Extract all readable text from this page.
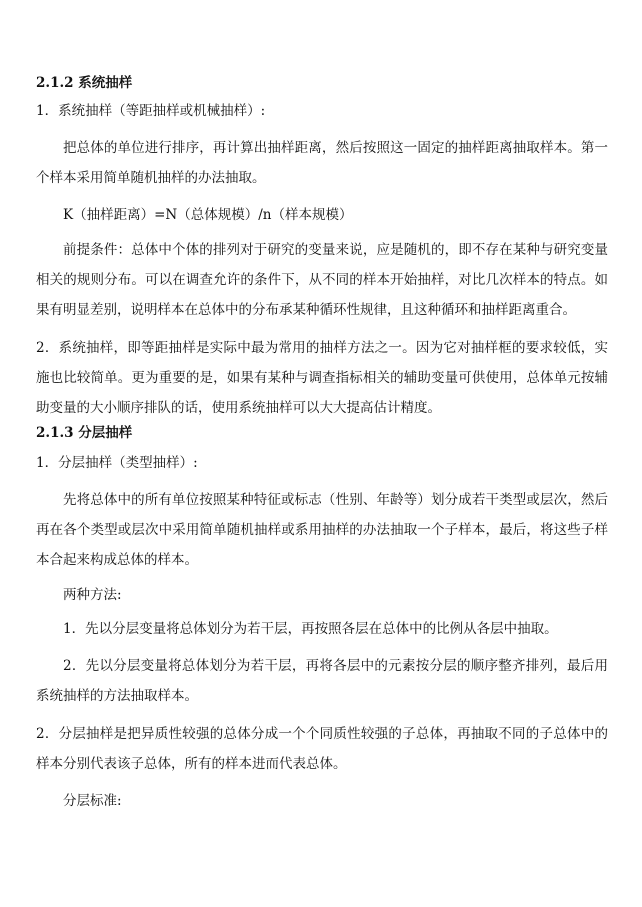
2.1.2 系统抽样
1．系统抽样（等距抽样或机械抽样）:
把总体的单位进行排序，再计算出抽样距离，然后按照这一固定的抽样距离抽取样本。第一个样本采用简单随机抽样的办法抽取。
K（抽样距离）=N（总体规模）/n（样本规模）
前提条件：总体中个体的排列对于研究的变量来说，应是随机的，即不存在某种与研究变量相关的规则分布。可以在调查允许的条件下，从不同的样本开始抽样，对比几次样本的特点。如果有明显差别，说明样本在总体中的分布承某种循环性规律，且这种循环和抽样距离重合。
2．系统抽样，即等距抽样是实际中最为常用的抽样方法之一。因为它对抽样框的要求较低，实施也比较简单。更为重要的是，如果有某种与调查指标相关的辅助变量可供使用，总体单元按辅助变量的大小顺序排队的话，使用系统抽样可以大大提高估计精度。
2.1.3 分层抽样
1．分层抽样（类型抽样）:
先将总体中的所有单位按照某种特征或标志（性别、年龄等）划分成若干类型或层次，然后再在各个类型或层次中采用简单随机抽样或系用抽样的办法抽取一个子样本，最后，将这些子样本合起来构成总体的样本。
两种方法:
1．先以分层变量将总体划分为若干层，再按照各层在总体中的比例从各层中抽取。
2．先以分层变量将总体划分为若干层，再将各层中的元素按分层的顺序整齐排列，最后用系统抽样的方法抽取样本。
2．分层抽样是把异质性较强的总体分成一个个同质性较强的子总体，再抽取不同的子总体中的样本分别代表该子总体，所有的样本进而代表总体。
分层标准:
